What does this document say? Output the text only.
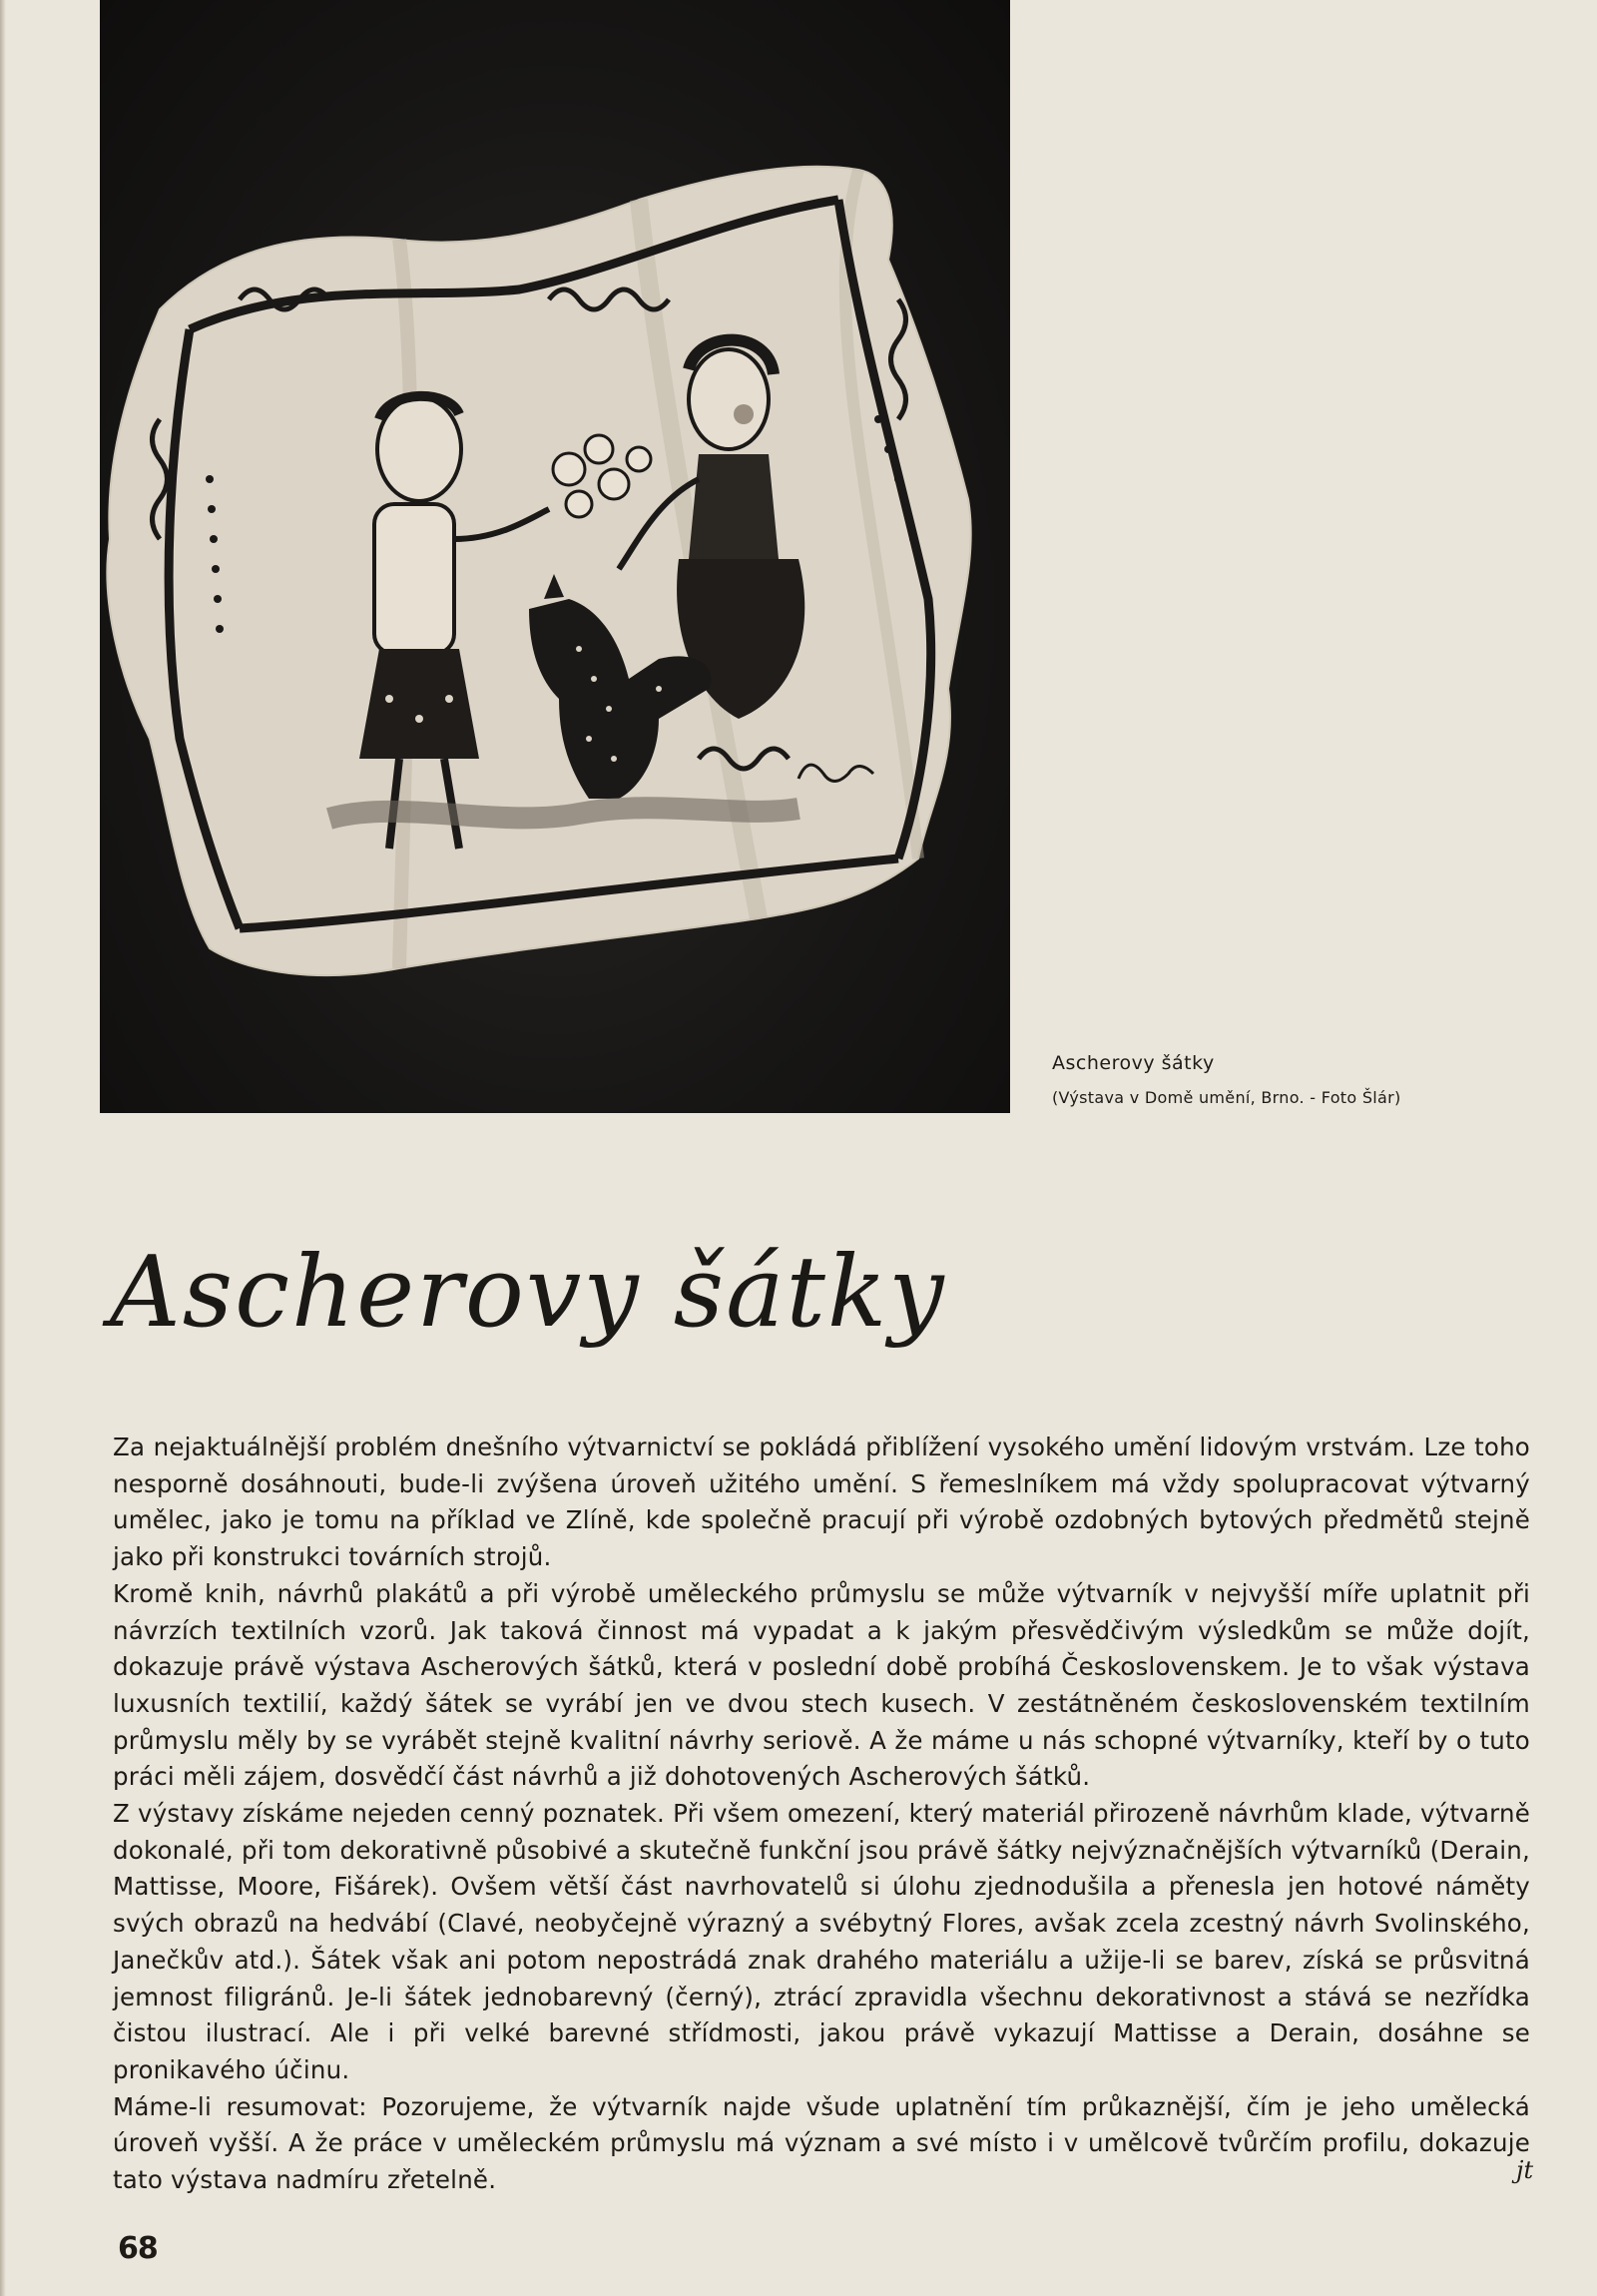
Ascherovy šátky
(Výstava v Domě umění, Brno. - Foto Šlár)
Ascherovy šátky

Za nejaktuálnější problém dnešního výtvarnictví se pokládá přiblížení vysokého umění lidovým vrstvám. Lze toho nesporně dosáhnouti, bude-li zvýšena úroveň užitého umění. S řemeslníkem má vždy spolupracovat výtvarný umělec, jako je tomu na příklad ve Zlíně, kde společně pracují při výrobě ozdobných bytových předmětů stejně jako při konstrukci továrních strojů.

Kromě knih, návrhů plakátů a při výrobě uměleckého průmyslu se může výtvarník v nejvyšší míře uplatnit při návrzích textilních vzorů. Jak taková činnost má vypadat a k jakým přesvědčivým výsledkům se může dojít, dokazuje právě výstava Ascherových šátků, která v poslední době probíhá Československem. Je to však výstava luxusních textilií, každý šátek se vyrábí jen ve dvou stech kusech. V zestátněném československém textilním průmyslu měly by se vyrábět stejně kvalitní návrhy seriově. A že máme u nás schopné výtvarníky, kteří by o tuto práci měli zájem, dosvědčí část návrhů a již dohotovených Ascherových šátků.

Z výstavy získáme nejeden cenný poznatek. Při všem omezení, který materiál přirozeně návrhům klade, výtvarně dokonalé, při tom dekorativně působivé a skutečně funkční jsou právě šátky nejvýznačnějších výtvarníků (Derain, Mattisse, Moore, Fišárek). Ovšem větší část navrhovatelů si úlohu zjednodušila a přenesla jen hotové náměty svých obrazů na hedvábí (Clavé, neobyčejně výrazný a svébytný Flores, avšak zcela zcestný návrh Svolinského, Janečkův atd.). Šátek však ani potom nepostrádá znak drahého materiálu a užije-li se barev, získá se průsvitná jemnost filigránů. Je-li šátek jednobarevný (černý), ztrácí zpravidla všechnu dekorativnost a stává se nezřídka čistou ilustrací. Ale i při velké barevné střídmosti, jakou právě vykazují Mattisse a Derain, dosáhne se pronikavého účinu.

Máme-li resumovat: Pozorujeme, že výtvarník najde všude uplatnění tím průkaznější, čím je jeho umělecká úroveň vyšší. A že práce v uměleckém průmyslu má význam a své místo i v umělcově tvůrčím profilu, dokazuje tato výstava nadmíru zřetelně.	jt
68
